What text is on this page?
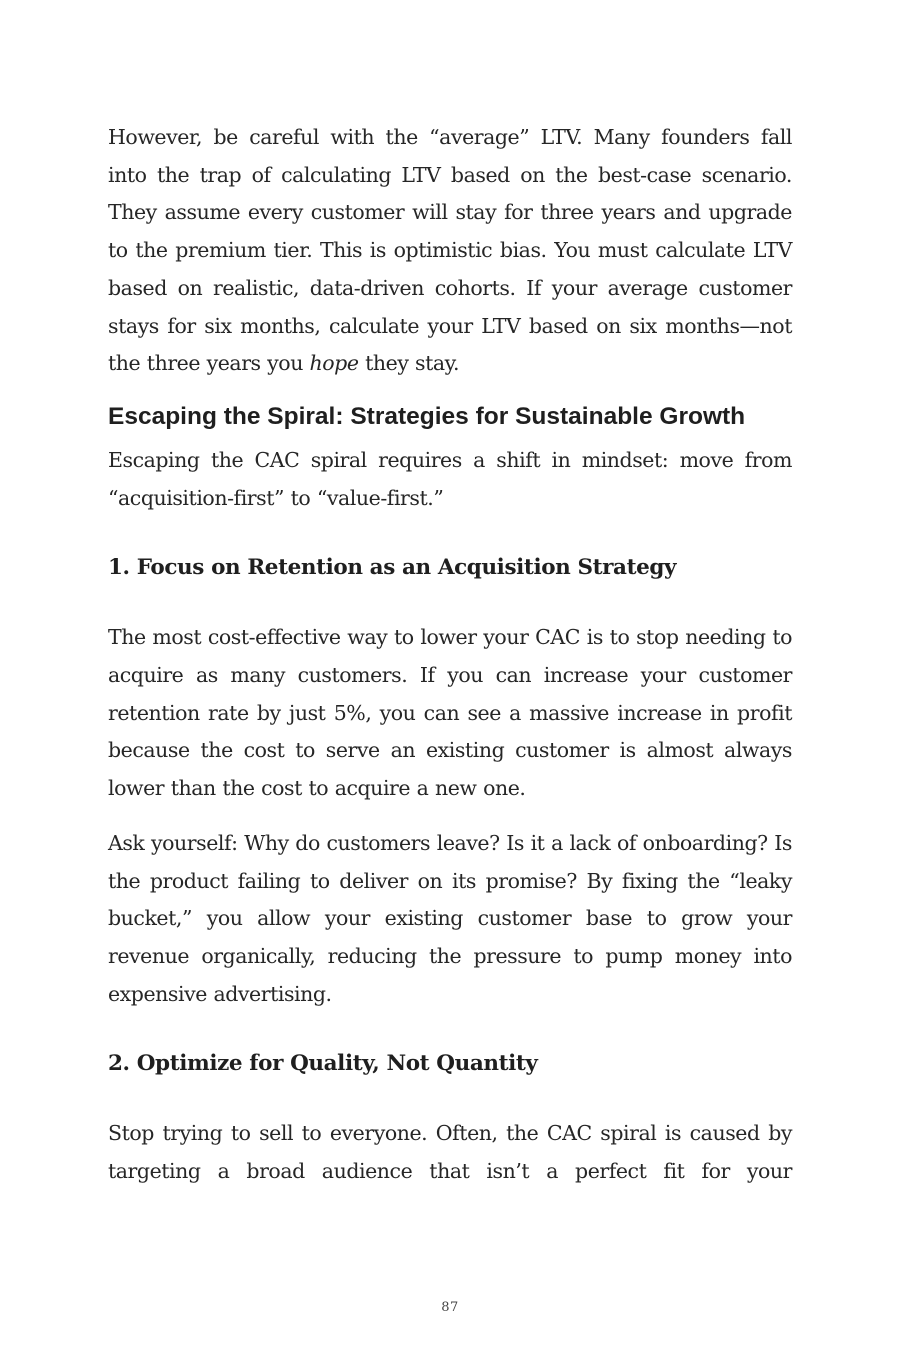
However, be careful with the “average” LTV. Many founders fall into the trap of calculating LTV based on the best-case scenario. They assume every customer will stay for three years and upgrade to the premium tier. This is optimistic bias. You must calculate LTV based on realistic, data-driven cohorts. If your average customer stays for six months, calculate your LTV based on six months—not the three years you hope they stay.

Escaping the Spiral: Strategies for Sustainable Growth

Escaping the CAC spiral requires a shift in mindset: move from “acquisition-first” to “value-first.”

1. Focus on Retention as an Acquisition Strategy

The most cost-effective way to lower your CAC is to stop needing to acquire as many customers. If you can increase your customer retention rate by just 5%, you can see a massive increase in profit because the cost to serve an existing customer is almost always lower than the cost to acquire a new one.

Ask yourself: Why do customers leave? Is it a lack of onboarding? Is the product failing to deliver on its promise? By fixing the “leaky bucket,” you allow your existing customer base to grow your revenue organically, reducing the pressure to pump money into expensive advertising.

2. Optimize for Quality, Not Quantity

Stop trying to sell to everyone. Often, the CAC spiral is caused by targeting a broad audience that isn’t a perfect fit for your

87
